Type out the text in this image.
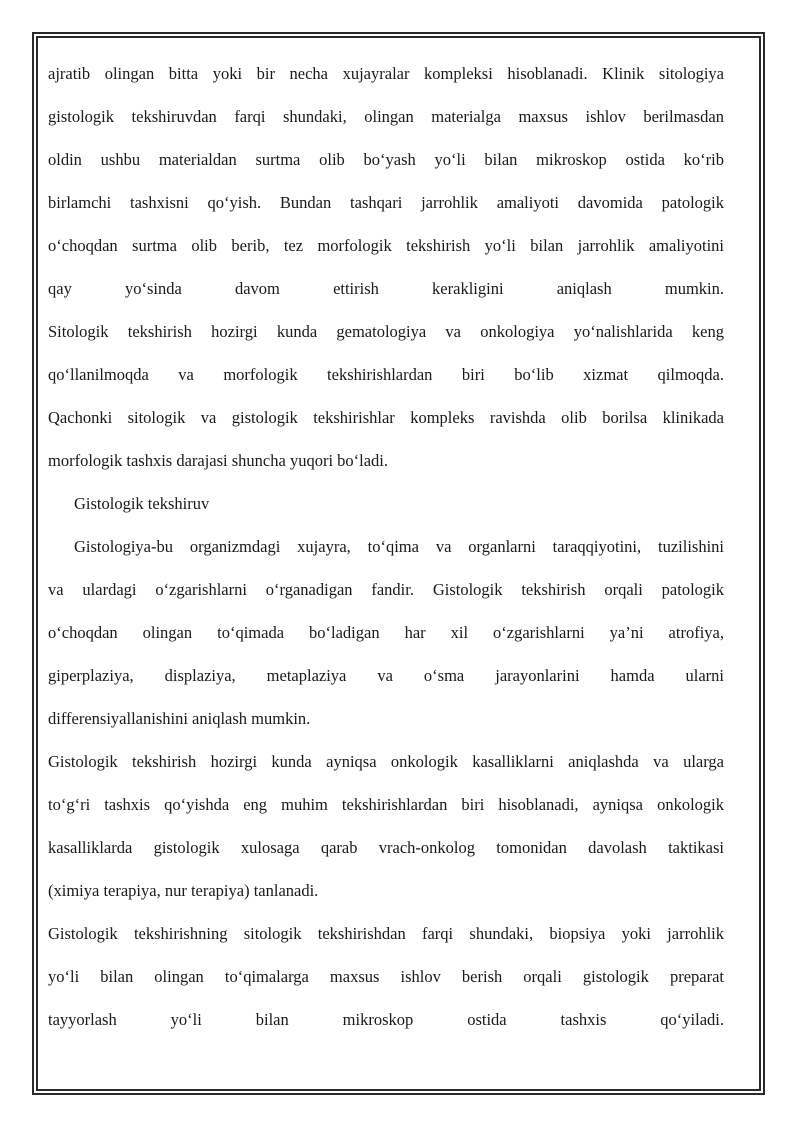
ajratib olingan bitta yoki bir necha xujayralar kompleksi hisoblanadi. Klinik sitologiya
gistologik tekshiruvdan farqi shundaki, olingan materialga maxsus ishlov berilmasdan
oldin ushbu materialdan surtma olib bo‘yash yo‘li bilan mikroskop ostida ko‘rib
birlamchi tashxisni qo‘yish. Bundan tashqari jarrohlik amaliyoti davomida patologik
o‘choqdan surtma olib berib, tez morfologik tekshirish yo‘li bilan jarrohlik amaliyotini
qay yo‘sinda davom ettirish kerakligini aniqlash mumkin.
Sitologik tekshirish hozirgi kunda gematologiya va onkologiya yo‘nalishlarida keng
qo‘llanilmoqda va morfologik tekshirishlardan biri bo‘lib xizmat qilmoqda.
Qachonki sitologik va gistologik tekshirishlar kompleks ravishda olib borilsa klinikada
morfologik tashxis darajasi shuncha yuqori bo‘ladi.
Gistologik tekshiruv
Gistologiya-bu organizmdagi xujayra, to‘qima va organlarni taraqqiyotini, tuzilishini
va ulardagi o‘zgarishlarni o‘rganadigan fandir. Gistologik tekshirish orqali patologik
o‘choqdan olingan to‘qimada bo‘ladigan har xil o‘zgarishlarni ya’ni atrofiya,
giperplaziya, displaziya, metaplaziya va o‘sma jarayonlarini hamda ularni
differensiyallanishini aniqlash mumkin.
Gistologik tekshirish hozirgi kunda ayniqsa onkologik kasalliklarni aniqlashda va ularga
to‘g‘ri tashxis qo‘yishda eng muhim tekshirishlardan biri hisoblanadi, ayniqsa onkologik
kasalliklarda gistologik xulosaga qarab vrach-onkolog tomonidan davolash taktikasi
(ximiya terapiya, nur terapiya) tanlanadi.
Gistologik tekshirishning sitologik tekshirishdan farqi shundaki, biopsiya yoki jarrohlik
yo‘li bilan olingan to‘qimalarga maxsus ishlov berish orqali gistologik preparat
tayyorlash yo‘li bilan mikroskop ostida tashxis qo‘yiladi.
